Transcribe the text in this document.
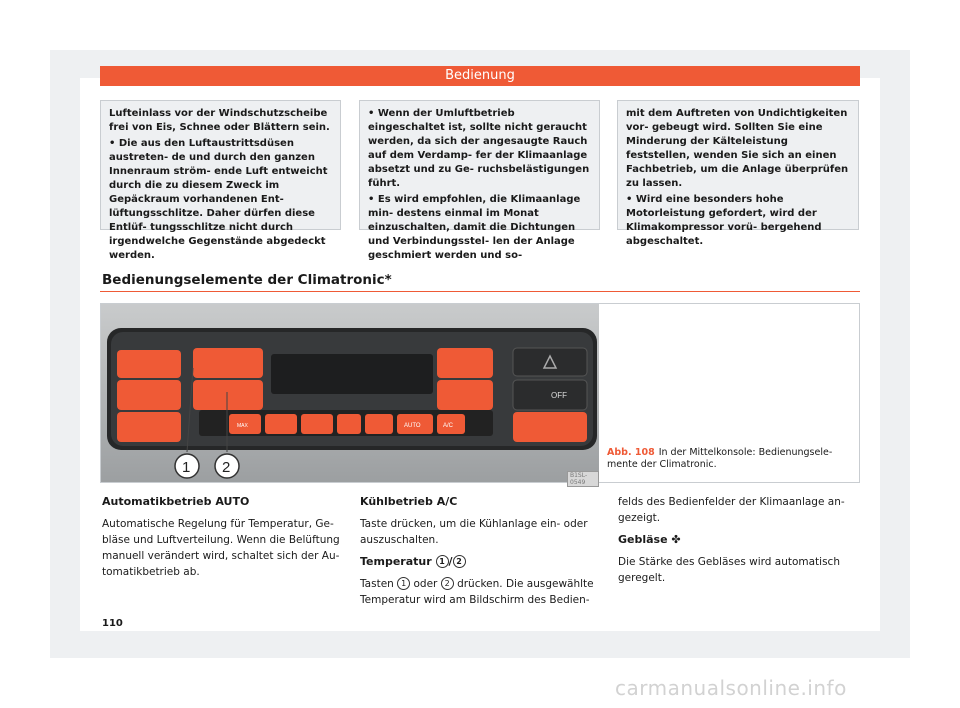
Bedienung

Lufteinlass vor der Windschutzscheibe frei von Eis, Schnee oder Blättern sein.

• Die aus den Luftaustrittsdüsen austreten- de und durch den ganzen Innenraum ström- ende Luft entweicht durch die zu diesem Zweck im Gepäckraum vorhandenen Ent- lüftungsschlitze. Daher dürfen diese Entlüf- tungsschlitze nicht durch irgendwelche Gegenstände abgedeckt werden.

• Wenn der Umluftbetrieb eingeschaltet ist, sollte nicht geraucht werden, da sich der angesaugte Rauch auf dem Verdamp- fer der Klimaanlage absetzt und zu Ge- ruchsbelästigungen führt.

• Es wird empfohlen, die Klimaanlage min- destens einmal im Monat einzuschalten, damit die Dichtungen und Verbindungsstel- len der Anlage geschmiert werden und so-

mit dem Auftreten von Undichtigkeiten vor- gebeugt wird. Sollten Sie eine Minderung der Kälteleistung feststellen, wenden Sie sich an einen Fachbetrieb, um die Anlage überprüfen zu lassen.

• Wird eine besonders hohe Motorleistung gefordert, wird der Klimakompressor vorü- bergehend abgeschaltet.

Bedienungselemente der Climatronic*
MAX	AUTO	A/C
OFF
1 2	B1SL-0549
Abb. 108 In der Mittelkonsole: Bedienungsele- mente der Climatronic.

Automatikbetrieb AUTO

Automatische Regelung für Temperatur, Ge- bläse und Luftverteilung. Wenn die Belüftung manuell verändert wird, schaltet sich der Au- tomatikbetrieb ab.

Kühlbetrieb A/C

Taste drücken, um die Kühlanlage ein- oder auszuschalten.

Temperatur 1 / 2

Tasten 1 oder 2 drücken. Die ausgewählte Temperatur wird am Bildschirm des Bedien-

felds des Bedienfelder der Klimaanlage an- gezeigt.

Gebläse ✤

Die Stärke des Gebläses wird automatisch geregelt.

110
carmanualsonline.info
